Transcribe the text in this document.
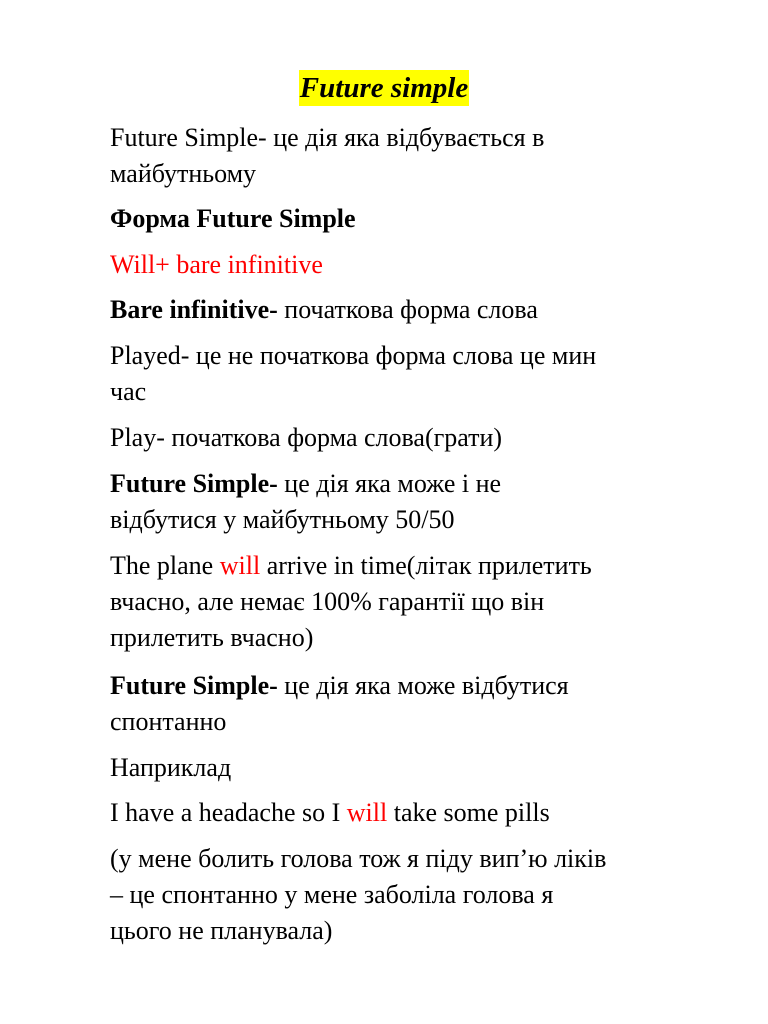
Future simple

Future Simple- це дія яка відбувається в
майбутньому

Форма Future Simple

Will+ bare infinitive

Bare infinitive- початкова форма слова

Played- це не початкова форма слова це мин
час

Play- початкова форма слова(грати)

Future Simple- це дія яка може і не
відбутися у майбутньому 50/50

The plane will arrive in time(літак прилетить
вчасно, але немає 100% гарантії що він
прилетить вчасно)

Future Simple- це дія яка може відбутися
спонтанно

Наприклад

I have a headache so I will take some pills

(у мене болить голова тож я піду вип’ю ліків
– це спонтанно у мене заболіла голова я
цього не планувала)
